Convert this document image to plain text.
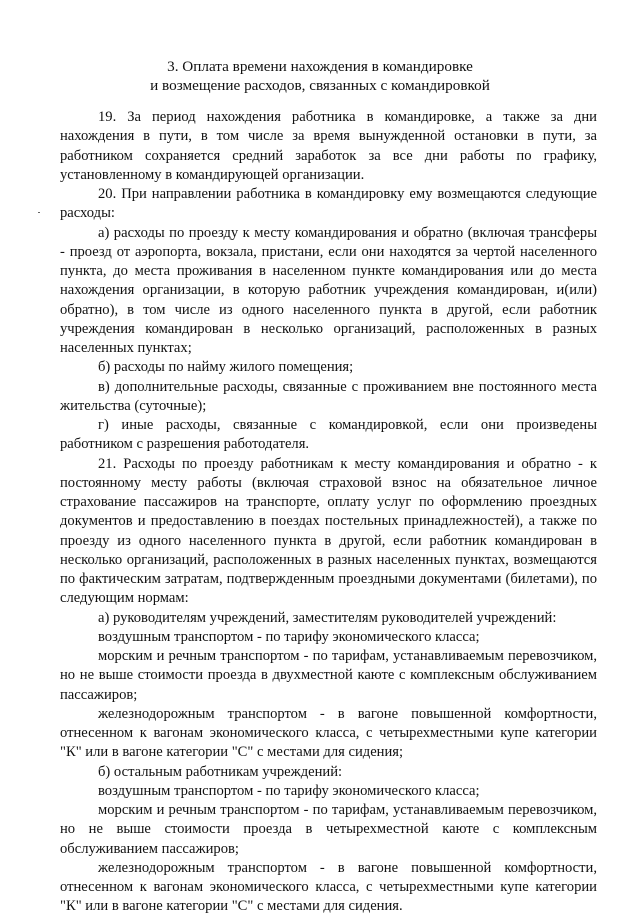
3. Оплата времени нахождения в командировке
и возмещение расходов, связанных с командировкой

19. За период нахождения работника в командировке, а также за дни нахождения в пути, в том числе за время вынужденной остановки в пути, за работником сохраняется средний заработок за все дни работы по графику, установленному в командирующей организации.

20. При направлении работника в командировку ему возмещаются следующие расходы:

а) расходы по проезду к месту командирования и обратно (включая трансферы - проезд от аэропорта, вокзала, пристани, если они находятся за чертой населенного пункта, до места проживания в населенном пункте командирования или до места нахождения организации, в которую работник учреждения командирован, и(или) обратно), в том числе из одного населенного пункта в другой, если работник учреждения командирован в несколько организаций, расположенных в разных населенных пунктах;

б) расходы по найму жилого помещения;

в) дополнительные расходы, связанные с проживанием вне постоянного места жительства (суточные);

г) иные расходы, связанные с командировкой, если они произведены работником с разрешения работодателя.

21. Расходы по проезду работникам к месту командирования и обратно - к постоянному месту работы (включая страховой взнос на обязательное личное страхование пассажиров на транспорте, оплату услуг по оформлению проездных документов и предоставлению в поездах постельных принадлежностей), а также по проезду из одного населенного пункта в другой, если работник командирован в несколько организаций, расположенных в разных населенных пунктах, возмещаются по фактическим затратам, подтвержденным проездными документами (билетами), по следующим нормам:

а) руководителям учреждений, заместителям руководителей учреждений:

воздушным транспортом - по тарифу экономического класса;

морским и речным транспортом - по тарифам, устанавливаемым перевозчиком, но не выше стоимости проезда в двухместной каюте с комплексным обслуживанием пассажиров;

железнодорожным транспортом - в вагоне повышенной комфортности, отнесенном к вагонам экономического класса, с четырехместными купе категории "К" или в вагоне категории "С" с местами для сидения;

б) остальным работникам учреждений:

воздушным транспортом - по тарифу экономического класса;

морским и речным транспортом - по тарифам, устанавливаемым перевозчиком, но не выше стоимости проезда в четырехместной каюте с комплексным обслуживанием пассажиров;

железнодорожным транспортом - в вагоне повышенной комфортности, отнесенном к вагонам экономического класса, с четырехместными купе категории "К" или в вагоне категории "С" с местами для сидения.
